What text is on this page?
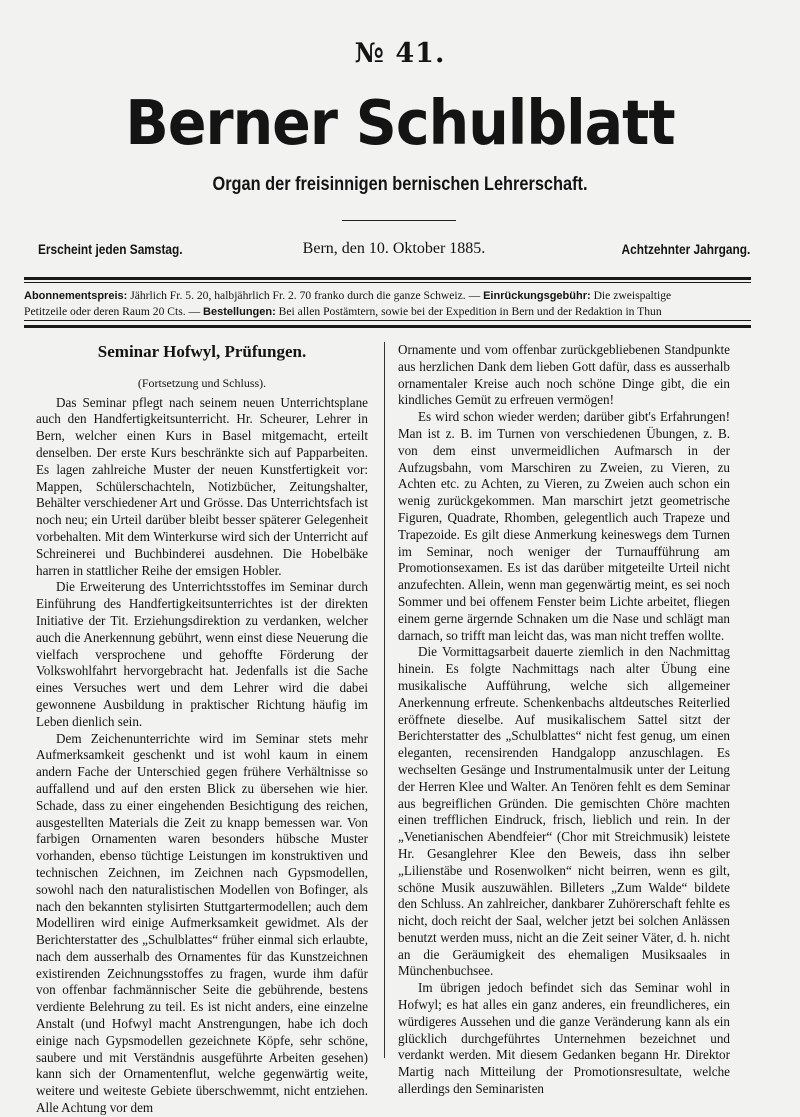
№ 41.
Berner Schulblatt
Organ der freisinnigen bernischen Lehrerschaft.
Erscheint jeden Samstag.	Bern, den 10. Oktober 1885.	Achtzehnter Jahrgang.
Abonnementspreis: Jährlich Fr. 5. 20, halbjährlich Fr. 2. 70 franko durch die ganze Schweiz. — Einrückungsgebühr: Die zweispaltige
Petitzeile oder deren Raum 20 Cts. — Bestellungen: Bei allen Postämtern, sowie bei der Expedition in Bern und der Redaktion in Thun
Seminar Hofwyl, Prüfungen.
(Fortsetzung und Schluss).

Das Seminar pflegt nach seinem neuen Unterrichtsplane auch den Handfertigkeitsunterricht. Hr. Scheurer, Lehrer in Bern, welcher einen Kurs in Basel mitgemacht, erteilt denselben. Der erste Kurs beschränkte sich auf Papparbeiten. Es lagen zahlreiche Muster der neuen Kunstfertigkeit vor: Mappen, Schülerschachteln, Notizbücher, Zeitungshalter, Behälter verschiedener Art und Grösse. Das Unterrichtsfach ist noch neu; ein Urteil darüber bleibt besser späterer Gelegenheit vorbehalten. Mit dem Winterkurse wird sich der Unterricht auf Schreinerei und Buchbinderei ausdehnen. Die Hobelbäke harren in stattlicher Reihe der emsigen Hobler.

Die Erweiterung des Unterrichtsstoffes im Seminar durch Einführung des Handfertigkeitsunterrichtes ist der direkten Initiative der Tit. Erziehungsdirektion zu verdanken, welcher auch die Anerkennung gebührt, wenn einst diese Neuerung die vielfach versprochene und gehoffte Förderung der Volkswohlfahrt hervorgebracht hat. Jedenfalls ist die Sache eines Versuches wert und dem Lehrer wird die dabei gewonnene Ausbildung in praktischer Richtung häufig im Leben dienlich sein.

Dem Zeichenunterrichte wird im Seminar stets mehr Aufmerksamkeit geschenkt und ist wohl kaum in einem andern Fache der Unterschied gegen frühere Verhältnisse so auffallend und auf den ersten Blick zu übersehen wie hier. Schade, dass zu einer eingehenden Besichtigung des reichen, ausgestellten Materials die Zeit zu knapp bemessen war. Von farbigen Ornamenten waren besonders hübsche Muster vorhanden, ebenso tüchtige Leistungen im konstruktiven und technischen Zeichnen, im Zeichnen nach Gypsmodellen, sowohl nach den naturalistischen Modellen von Bofinger, als nach den bekannten stylisirten Stuttgartermodellen; auch dem Modelliren wird einige Aufmerksamkeit gewidmet. Als der Berichterstatter des „Schulblattes“ früher einmal sich erlaubte, nach dem ausserhalb des Ornamentes für das Kunstzeichnen existirenden Zeichnungsstoffes zu fragen, wurde ihm dafür von offenbar fachmännischer Seite die gebührende, bestens verdiente Belehrung zu teil. Es ist nicht anders, eine einzelne Anstalt (und Hofwyl macht Anstrengungen, habe ich doch einige nach Gypsmodellen gezeichnete Köpfe, sehr schöne, saubere und mit Verständnis ausgeführte Arbeiten gesehen) kann sich der Ornamentenflut, welche gegenwärtig weite, weitere und weiteste Gebiete überschwemmt, nicht entziehen. Alle Achtung vor dem

Ornamente und vom offenbar zurückgebliebenen Standpunkte aus herzlichen Dank dem lieben Gott dafür, dass es ausserhalb ornamentaler Kreise auch noch schöne Dinge gibt, die ein kindliches Gemüt zu erfreuen vermögen!

Es wird schon wieder werden; darüber gibt's Erfahrungen! Man ist z. B. im Turnen von verschiedenen Übungen, z. B. von dem einst unvermeidlichen Aufmarsch in der Aufzugsbahn, vom Marschiren zu Zweien, zu Vieren, zu Achten etc. zu Achten, zu Vieren, zu Zweien auch schon ein wenig zurückgekommen. Man marschirt jetzt geometrische Figuren, Quadrate, Rhomben, gelegentlich auch Trapeze und Trapezoide. Es gilt diese Anmerkung keineswegs dem Turnen im Seminar, noch weniger der Turnaufführung am Promotionsexamen. Es ist das darüber mitgeteilte Urteil nicht anzufechten. Allein, wenn man gegenwärtig meint, es sei noch Sommer und bei offenem Fenster beim Lichte arbeitet, fliegen einem gerne ärgernde Schnaken um die Nase und schlägt man darnach, so trifft man leicht das, was man nicht treffen wollte.

Die Vormittagsarbeit dauerte ziemlich in den Nachmittag hinein. Es folgte Nachmittags nach alter Übung eine musikalische Aufführung, welche sich allgemeiner Anerkennung erfreute. Schenkenbachs altdeutsches Reiterlied eröffnete dieselbe. Auf musikalischem Sattel sitzt der Berichterstatter des „Schulblattes“ nicht fest genug, um einen eleganten, recensirenden Handgalopp anzuschlagen. Es wechselten Gesänge und Instrumentalmusik unter der Leitung der Herren Klee und Walter. An Tenören fehlt es dem Seminar aus begreiflichen Gründen. Die gemischten Chöre machten einen trefflichen Eindruck, frisch, lieblich und rein. In der „Venetianischen Abendfeier“ (Chor mit Streichmusik) leistete Hr. Gesanglehrer Klee den Beweis, dass ihn selber „Lilienstäbe und Rosenwolken“ nicht beirren, wenn es gilt, schöne Musik auszuwählen. Billeters „Zum Walde“ bildete den Schluss. An zahlreicher, dankbarer Zuhörerschaft fehlte es nicht, doch reicht der Saal, welcher jetzt bei solchen Anlässen benutzt werden muss, nicht an die Zeit seiner Väter, d. h. nicht an die Geräumigkeit des ehemaligen Musiksaales in Münchenbuchsee.

Im übrigen jedoch befindet sich das Seminar wohl in Hofwyl; es hat alles ein ganz anderes, ein freundlicheres, ein würdigeres Aussehen und die ganze Veränderung kann als ein glücklich durchgeführtes Unternehmen bezeichnet und verdankt werden. Mit diesem Gedanken begann Hr. Direktor Martig nach Mitteilung der Promotionsresultate, welche allerdings den Seminaristen
